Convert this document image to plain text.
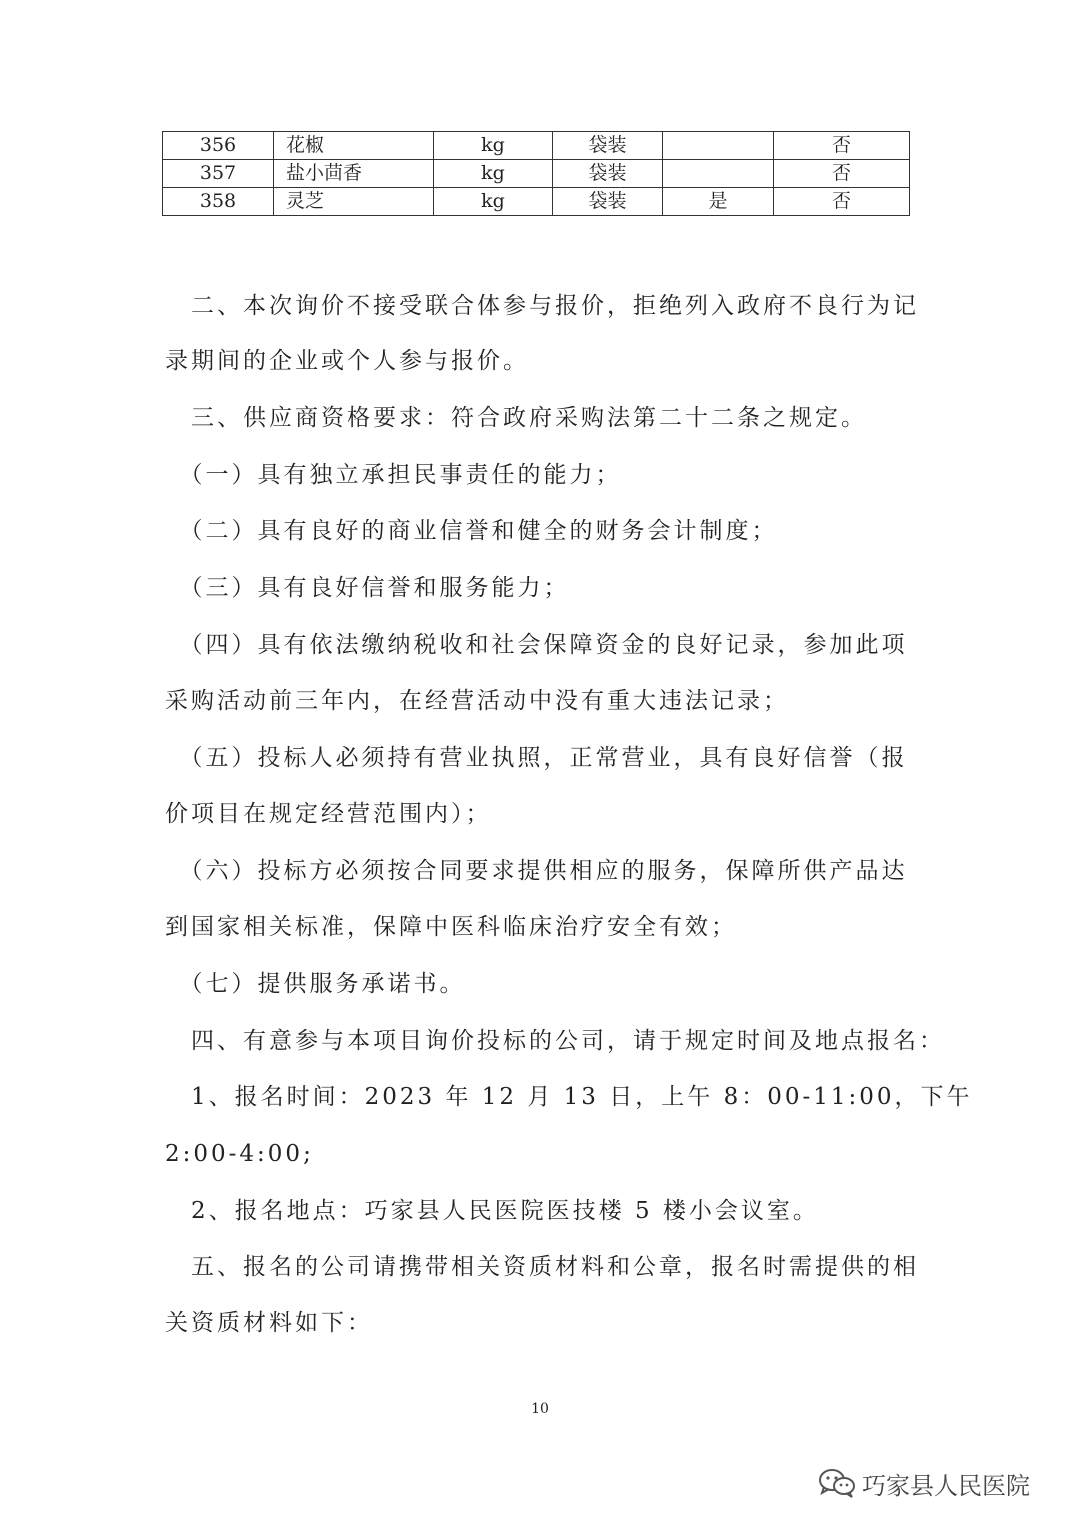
356	花椒	kg	袋装		否
357	盐小茴香	kg	袋装		否
358	灵芝	kg	袋装	是	否
　二、本次询价不接受联合体参与报价，拒绝列入政府不良行为记
录期间的企业或个人参与报价。
　三、供应商资格要求：符合政府采购法第二十二条之规定。
　（一）具有独立承担民事责任的能力；
　（二）具有良好的商业信誉和健全的财务会计制度；
　（三）具有良好信誉和服务能力；
　（四）具有依法缴纳税收和社会保障资金的良好记录，参加此项
采购活动前三年内，在经营活动中没有重大违法记录；
　（五）投标人必须持有营业执照，正常营业，具有良好信誉（报
价项目在规定经营范围内）；
　（六）投标方必须按合同要求提供相应的服务，保障所供产品达
到国家相关标准，保障中医科临床治疗安全有效；
　（七）提供服务承诺书。
　四、有意参与本项目询价投标的公司，请于规定时间及地点报名：
　1、报名时间：2023 年 12 月 13 日，上午 8：00-11:00，下午
2:00-4:00;
　2、报名地点：巧家县人民医院医技楼 5 楼小会议室。
　五、报名的公司请携带相关资质材料和公章，报名时需提供的相
关资质材料如下：
10
巧家县人民医院
